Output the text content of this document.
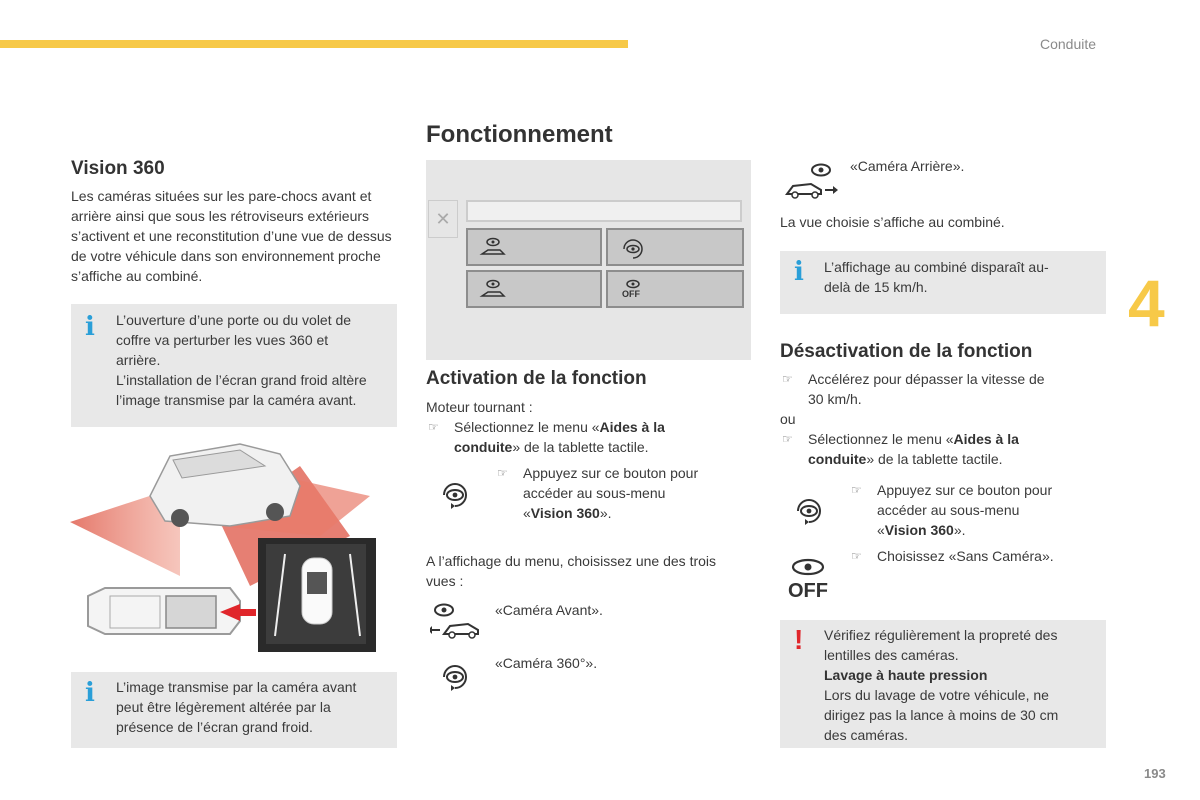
Conduite
4
193
Vision 360

Les caméras situées sur les pare-chocs avant et arrière ainsi que sous les rétroviseurs extérieurs s’activent et une reconstitution d’une vue de dessus de votre véhicule dans son environnement proche s’affiche au combiné.

i L’ouverture d’une porte ou du volet de
coffre va perturber les vues 360 et
arrière.
L’installation de l’écran grand froid altère
l’image transmise par la caméra avant.
i L’image transmise par la caméra avant
peut être légèrement altérée par la
présence de l’écran grand froid.
Fonctionnement
✕
OFF
Activation de la fonction

Moteur tournant :

☞ Sélectionnez le menu «Aides à la
conduite» de la tablette tactile.
☞ Appuyez sur ce bouton pour
accéder au sous-menu
«Vision 360».
A l’affichage du menu, choisissez une des trois
vues :

«Caméra Avant».

«Caméra 360°».

«Caméra Arrière».

La vue choisie s’affiche au combiné.

i L’affichage au combiné disparaît au-
delà de 15 km/h.
Désactivation de la fonction
☞ Accélérez pour dépasser la vitesse de
30 km/h.

ou

☞ Sélectionnez le menu «Aides à la
conduite» de la tablette tactile.
☞ Appuyez sur ce bouton pour
accéder au sous-menu
«Vision 360».
OFF
☞ Choisissez «Sans Caméra».

! Vérifiez régulièrement la propreté des
lentilles des caméras.
Lavage à haute pression
Lors du lavage de votre véhicule, ne
dirigez pas la lance à moins de 30 cm
des caméras.
